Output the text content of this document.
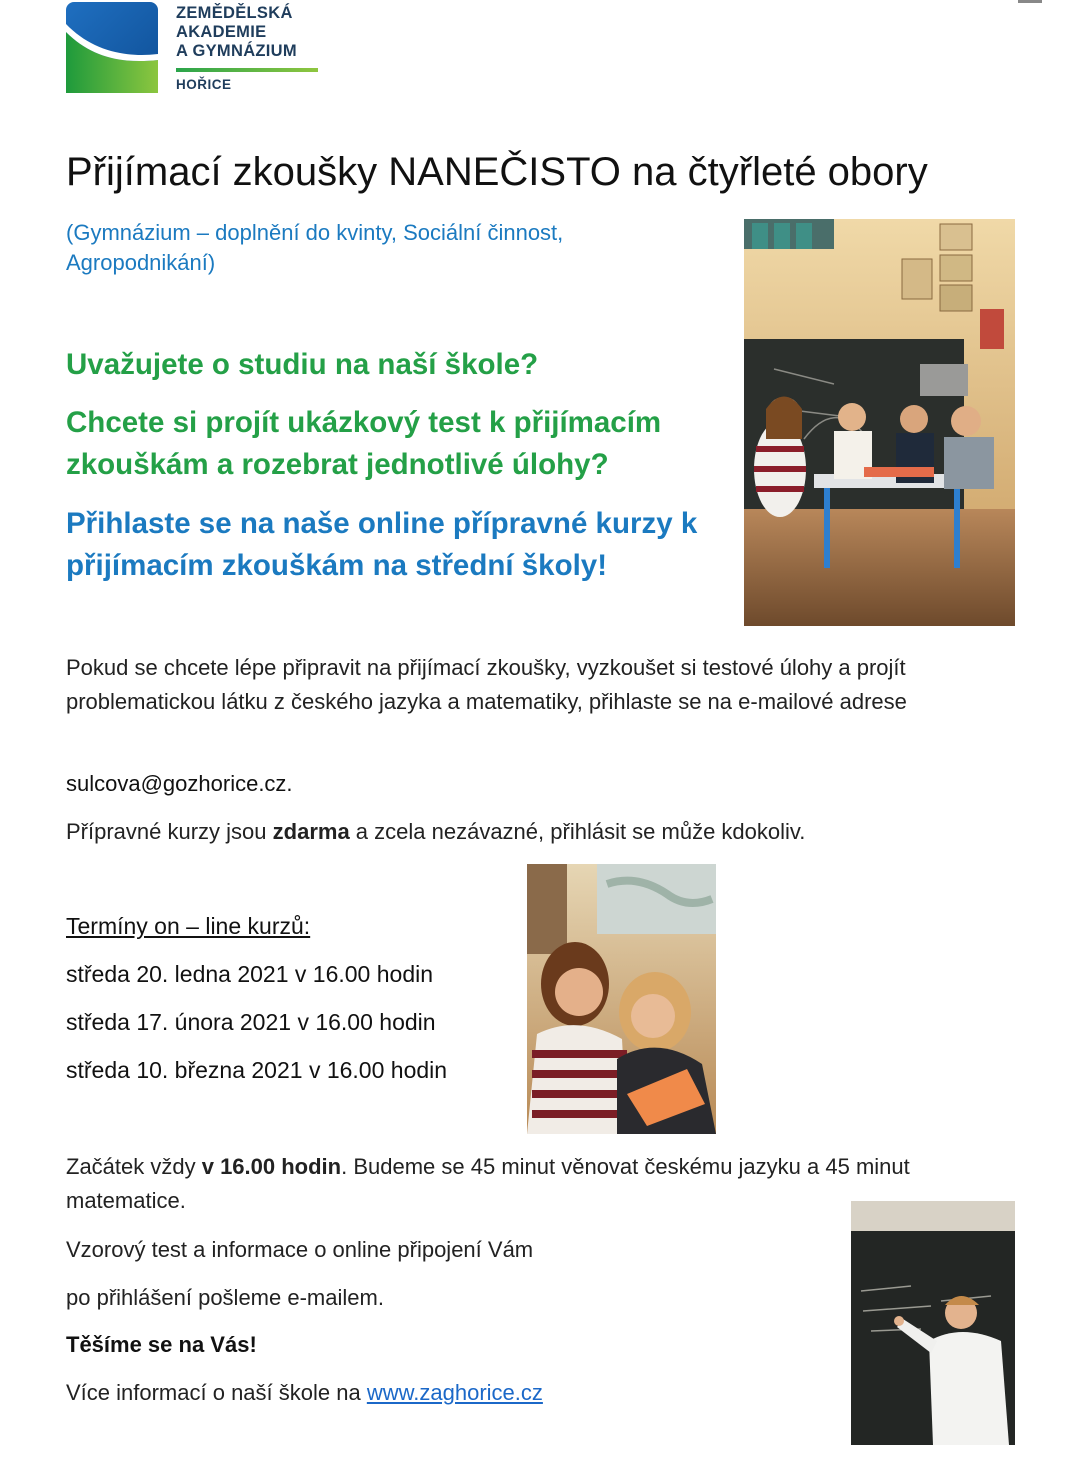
ZEMĚDĚLSKÁ
AKADEMIE
A GYMNÁZIUM
HOŘICE
Přijímací zkoušky NANEČISTO na čtyřleté obory
(Gymnázium – doplnění do kvinty, Sociální činnost, Agropodnikání)
Uvažujete o studiu na naší škole?
Chcete si projít ukázkový test k přijímacím zkouškám a rozebrat jednotlivé úlohy?
Přihlaste se na naše online přípravné kurzy k přijímacím zkouškám na střední školy!
Pokud se chcete lépe připravit na přijímací zkoušky, vyzkoušet si testové úlohy a projít problematickou látku z českého jazyka a matematiky, přihlaste se na e-mailové adrese
sulcova@gozhorice.cz.
Přípravné kurzy jsou zdarma a zcela nezávazné, přihlásit se může kdokoliv.
Termíny on – line kurzů:
středa 20. ledna 2021 v 16.00 hodin
středa 17. února 2021 v 16.00 hodin
středa 10. března 2021 v 16.00 hodin
Začátek vždy v 16.00 hodin. Budeme se 45 minut věnovat českému jazyku a 45 minut matematice.
Vzorový test a informace o online připojení Vám
po přihlášení pošleme e-mailem.
Těšíme se na Vás!
Více informací o naší škole na www.zaghorice.cz
